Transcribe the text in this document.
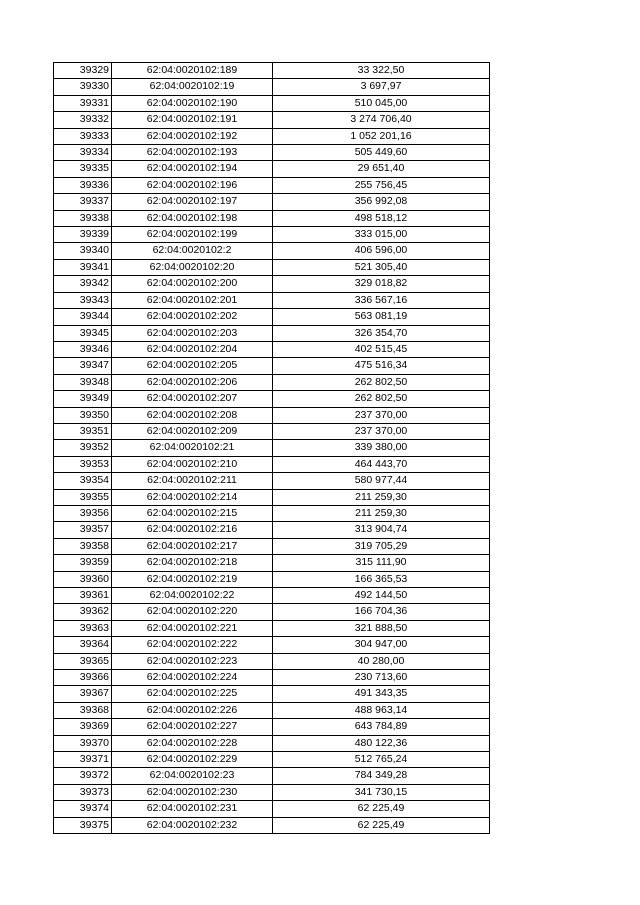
39329	62:04:0020102:189	33 322,50
39330	62:04:0020102:19	3 697,97
39331	62:04:0020102:190	510 045,00
39332	62:04:0020102:191	3 274 706,40
39333	62:04:0020102:192	1 052 201,16
39334	62:04:0020102:193	505 449,60
39335	62:04:0020102:194	29 651,40
39336	62:04:0020102:196	255 756,45
39337	62:04:0020102:197	356 992,08
39338	62:04:0020102:198	498 518,12
39339	62:04:0020102:199	333 015,00
39340	62:04:0020102:2	406 596,00
39341	62:04:0020102:20	521 305,40
39342	62:04:0020102:200	329 018,82
39343	62:04:0020102:201	336 567,16
39344	62:04:0020102:202	563 081,19
39345	62:04:0020102:203	326 354,70
39346	62:04:0020102:204	402 515,45
39347	62:04:0020102:205	475 516,34
39348	62:04:0020102:206	262 802,50
39349	62:04:0020102:207	262 802,50
39350	62:04:0020102:208	237 370,00
39351	62:04:0020102:209	237 370,00
39352	62:04:0020102:21	339 380,00
39353	62:04:0020102:210	464 443,70
39354	62:04:0020102:211	580 977,44
39355	62:04:0020102:214	211 259,30
39356	62:04:0020102:215	211 259,30
39357	62:04:0020102:216	313 904,74
39358	62:04:0020102:217	319 705,29
39359	62:04:0020102:218	315 111,90
39360	62:04:0020102:219	166 365,53
39361	62:04:0020102:22	492 144,50
39362	62:04:0020102:220	166 704,36
39363	62:04:0020102:221	321 888,50
39364	62:04:0020102:222	304 947,00
39365	62:04:0020102:223	40 280,00
39366	62:04:0020102:224	230 713,60
39367	62:04:0020102:225	491 343,35
39368	62:04:0020102:226	488 963,14
39369	62:04:0020102:227	643 784,89
39370	62:04:0020102:228	480 122,36
39371	62:04:0020102:229	512 765,24
39372	62:04:0020102:23	784 349,28
39373	62:04:0020102:230	341 730,15
39374	62:04:0020102:231	62 225,49
39375	62:04:0020102:232	62 225,49
